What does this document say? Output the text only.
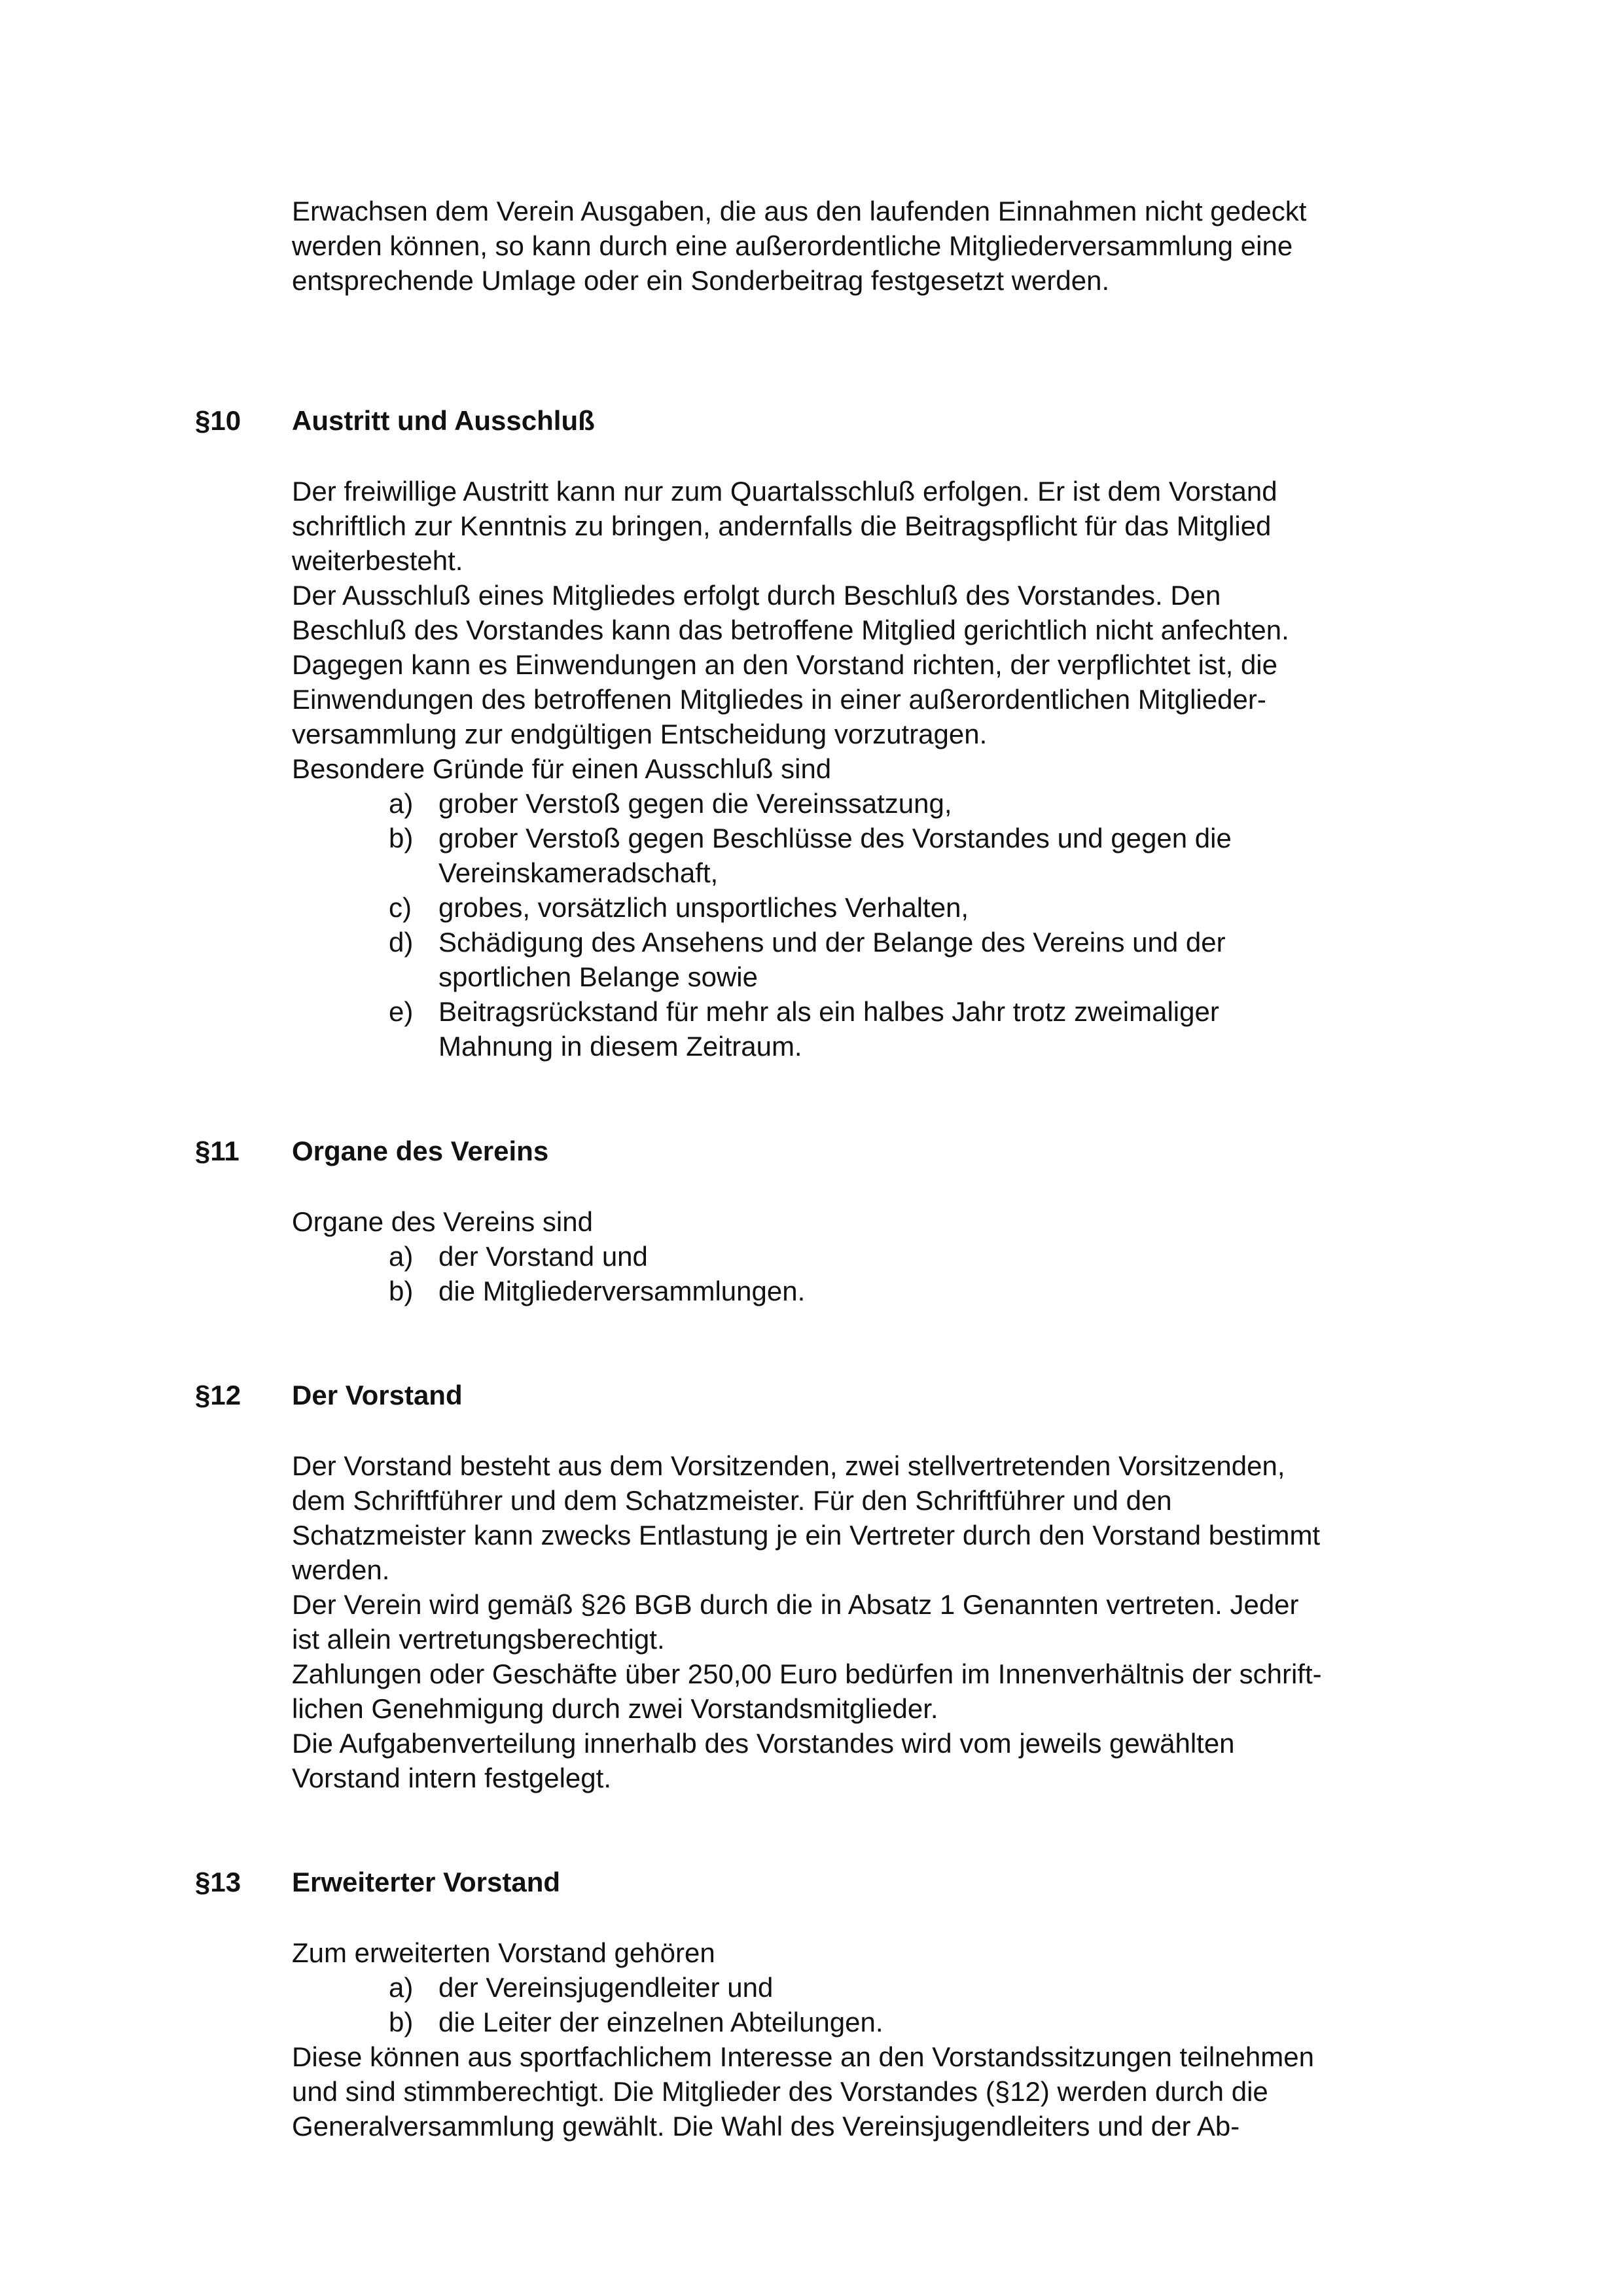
Erwachsen dem Verein Ausgaben, die aus den laufenden Einnahmen nicht gedeckt
werden können, so kann durch eine außerordentliche Mitgliederversammlung eine
entsprechende Umlage oder ein Sonderbeitrag festgesetzt werden.
§10 Austritt und Ausschluß
Der freiwillige Austritt kann nur zum Quartalsschluß erfolgen. Er ist dem Vorstand
schriftlich zur Kenntnis zu bringen, andernfalls die Beitragspflicht für das Mitglied
weiterbesteht.
Der Ausschluß eines Mitgliedes erfolgt durch Beschluß des Vorstandes. Den
Beschluß des Vorstandes kann das betroffene Mitglied gerichtlich nicht anfechten.
Dagegen kann es Einwendungen an den Vorstand richten, der verpflichtet ist, die
Einwendungen des betroffenen Mitgliedes in einer außerordentlichen Mitglieder-
versammlung zur endgültigen Entscheidung vorzutragen.
Besondere Gründe für einen Ausschluß sind
a) grober Verstoß gegen die Vereinssatzung,
b) grober Verstoß gegen Beschlüsse des Vorstandes und gegen die
Vereinskameradschaft,
c) grobes, vorsätzlich unsportliches Verhalten,
d) Schädigung des Ansehens und der Belange des Vereins und der
sportlichen Belange sowie
e) Beitragsrückstand für mehr als ein halbes Jahr trotz zweimaliger
Mahnung in diesem Zeitraum.
§11 Organe des Vereins
Organe des Vereins sind
a) der Vorstand und
b) die Mitgliederversammlungen.
§12 Der Vorstand
Der Vorstand besteht aus dem Vorsitzenden, zwei stellvertretenden Vorsitzenden,
dem Schriftführer und dem Schatzmeister. Für den Schriftführer und den
Schatzmeister kann zwecks Entlastung je ein Vertreter durch den Vorstand bestimmt
werden.
Der Verein wird gemäß §26 BGB durch die in Absatz 1 Genannten vertreten. Jeder
ist allein vertretungsberechtigt.
Zahlungen oder Geschäfte über 250,00 Euro bedürfen im Innenverhältnis der schrift-
lichen Genehmigung durch zwei Vorstandsmitglieder.
Die Aufgabenverteilung innerhalb des Vorstandes wird vom jeweils gewählten
Vorstand intern festgelegt.
§13 Erweiterter Vorstand
Zum erweiterten Vorstand gehören
a) der Vereinsjugendleiter und
b) die Leiter der einzelnen Abteilungen.
Diese können aus sportfachlichem Interesse an den Vorstandssitzungen teilnehmen
und sind stimmberechtigt. Die Mitglieder des Vorstandes (§12) werden durch die
Generalversammlung gewählt. Die Wahl des Vereinsjugendleiters und der Ab-
